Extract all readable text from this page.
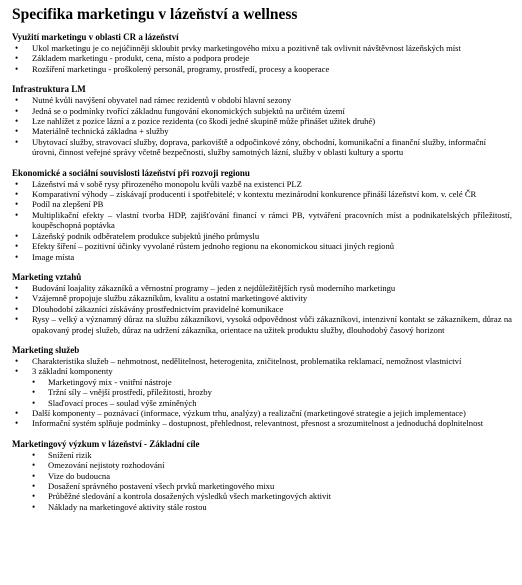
Specifika marketingu v lázeňství a wellness
Využití marketingu v oblasti CR a lázeňství
• Ukol marketingu je co nejúčinněji skloubit prvky marketingového mixu a pozitivně tak ovlivnit návštěvnost lázeňských míst
• Základem marketingu - produkt, cena, místo a podpora prodeje
• Rozšíření marketingu - proškolený personál, programy, prostředí, procesy a kooperace
Infrastruktura LM
• Nutné kvůli navýšení obyvatel nad rámec rezidentů v období hlavní sezony
• Jedná se o podmínky tvořící základnu fungování ekonomických subjektů na určitém území
• Lze nahlížet z pozice lázní a z pozice rezidenta (co škodí jedné skupině může přinášet užitek druhé)
• Materiálně technická základna + služby
• Ubytovací služby, stravovací služby, doprava, parkoviště a odpočinkové zóny, obchodní, komunikační a finanční služby, informační úrovni, činnost veřejné správy včetně bezpečnosti, služby samotných lázní, služby v oblasti kultury a sportu
Ekonomické a sociální souvislosti lázeňství při rozvoji regionu
• Lázeňství má v sobě rysy přirozeného monopolu kvůli vazbě na existenci PLZ
• Komparativní výhody – získávají producenti i spotřebitelé; v kontextu mezinárodní konkurence přináší lázeňství kom. v. celé ČR
• Podíl na zlepšení PB
• Multiplikační efekty – vlastní tvorba HDP, zajišťování financí v rámci PB, vytváření pracovních míst a podnikatelských příležitostí, koupěschopná poptávka
• Lázeňský podnik odběratelem produkce subjektů jiného průmyslu
• Efekty šíření – pozitivní účinky vyvolané růstem jednoho regionu na ekonomickou situaci jiných regionů
• Image místa
Marketing vztahů
• Budování loajality zákazníků a věrnostní programy – jeden z nejdůležitějších rysů moderního marketingu
• Vzájemně propojuje službu zákazníkům, kvalitu a ostatní marketingové aktivity
• Dlouhodobí zákazníci získávány prostřednictvím pravidelné komunikace
• Rysy – velký a významný důraz na službu zákazníkovi, vysoká odpovědnost vůči zákazníkovi, intenzivní kontakt se zákazníkem, důraz na opakovaný prodej služeb, důraz na udržení zákazníka, orientace na užitek produktu služby, dlouhodobý časový horizont
Marketing služeb
• Charakteristika služeb – nehmotnost, nedělitelnost, heterogenita, zničitelnost, problematika reklamací, nemožnost vlastnictví
• 3 základní komponenty
• Marketingový mix - vnitřní nástroje
• Tržní síly – vnější prostředí, příležitosti, hrozby
• Slaďovací proces – soulad výše zmíněných
• Další komponenty – poznávací (informace, výzkum trhu, analýzy) a realizační (marketingové strategie a jejich implementace)
• Informační systém splňuje podmínky – dostupnost, přehlednost, relevantnost, přesnost a srozumitelnost a jednoduchá doplnitelnost
Marketingový výzkum v lázeňství - Základní cíle
• Snížení rizik
• Omezování nejistoty rozhodování
• Vize do budoucna
• Dosažení správného postavení všech prvků marketingového mixu
• Průběžné sledování a kontrola dosažených výsledků všech marketingových aktivit
• Náklady na marketingové aktivity stále rostou
